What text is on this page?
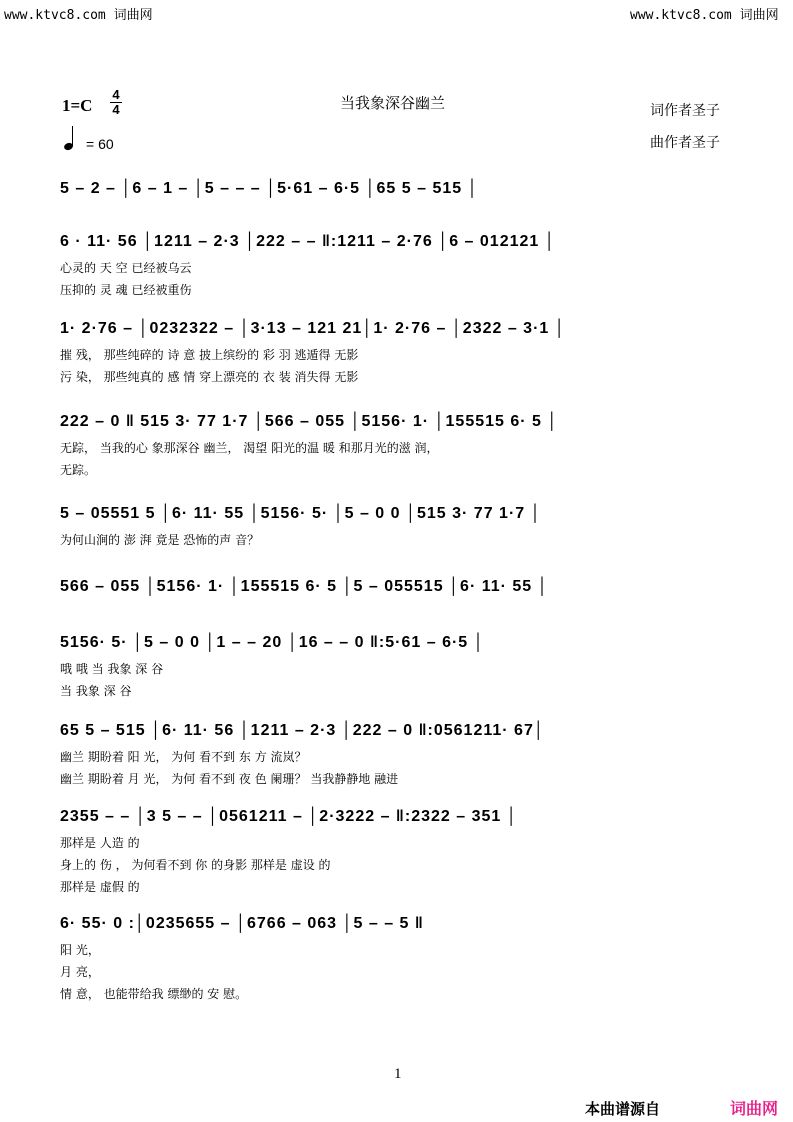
www.ktvc8.com 词曲网	www.ktvc8.com 词曲网
1=C
4
4
= 60
当我象深谷幽兰	词作者圣子
曲作者圣子
5 – 2 – │6 – 1 – │5 – – – │5·61 – 6·5 │65 5 – 515 │
6 · 11· 56 │1211 – 2·3 │222 – – ‖:1211 – 2·76 │6 – 012121 │
心灵的 天 空 已经被乌云
压抑的 灵 魂 已经被重伤
1· 2·76 – │0232322 – │3·13 – 121 21│1· 2·76 – │2322 – 3·1 │
摧 残， 那些纯碎的 诗 意 披上缤纷的 彩 羽 逃遁得 无影
污 染， 那些纯真的 感 情 穿上漂亮的 衣 装 消失得 无影
222 – 0 ‖ 515 3· 77 1·7 │566 – 055 │5156· 1· │155515 6· 5 │
无踪， 当我的心 象那深谷 幽兰， 渴望 阳光的温 暖 和那月光的滋 润，
无踪。
5 – 05551 5 │6· 11· 55 │5156· 5· │5 – 0 0 │515 3· 77 1·7 │
为何山涧的 澎 湃 竟是 恐怖的声 音？
566 – 055 │5156· 1· │155515 6· 5 │5 – 055515 │6· 11· 55 │
5156· 5· │5 – 0 0 │1 – – 20 │16 – – 0 ‖:5·61 – 6·5 │
哦 哦 当 我象 深 谷
当 我象 深 谷
65 5 – 515 │6· 11· 56 │1211 – 2·3 │222 – 0 ‖:0561211· 67│
幽兰 期盼着 阳 光， 为何 看不到 东 方 流岚？
幽兰 期盼着 月 光， 为何 看不到 夜 色 阑珊？ 当我静静地 融进
2355 – – │3 5 – – │0561211 – │2·3222 – ‖:2322 – 351 │
那样是 人造 的
身上的 伤 ， 为何看不到 你 的身影 那样是 虚设 的
那样是 虚假 的
6· 55· 0 :│0235655 – │6766 – 063 │5 – – 5 ‖
阳 光，
月 亮，
情 意， 也能带给我 缥缈的 安 慰。
1
本曲谱源自	词曲网
